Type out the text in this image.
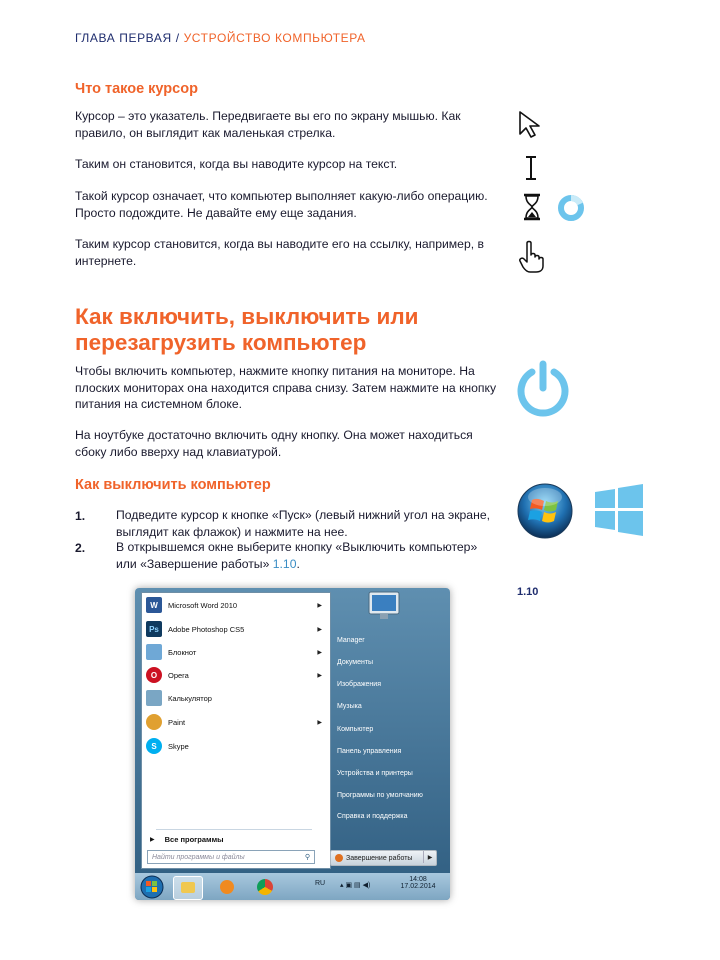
ГЛАВА ПЕРВАЯ / УСТРОЙСТВО КОМПЬЮТЕРА
Что такое курсор

Курсор – это указатель. Передвигаете вы его по экрану мышью. Как правило, он выглядит как маленькая стрелка.

Таким он становится, когда вы наводите курсор на текст.

Такой курсор означает, что компьютер выполняет какую-либо операцию. Просто подождите. Не давайте ему еще задания.

Таким курсор становится, когда вы наводите его на ссылку, например, в интернете.

Как включить, выключить или
перезагрузить компьютер

Чтобы включить компьютер, нажмите кнопку питания на мониторе. На плоских мониторах она находится справа снизу. Затем нажмите на кнопку питания на системном блоке.

На ноутбуке достаточно включить одну кнопку. Она может находиться сбоку либо вверху над клавиатурой.

Как выключить компьютер
1.	Подведите курсор к кнопке «Пуск» (левый нижний угол на экране, выглядит как флажок) и нажмите на нее.
2.	В открывшемся окне выберите кнопку «Выключить компьютер» или «Завершение работы» 1.10.
1.10
W	Microsoft Word 2010	▶
Ps	Adobe Photoshop CS5	▶
Блокнот	▶
O	Opera	▶
Калькулятор
Paint	▶
S	Skype
▶ Все программы
Найти программы и файлы	⚲
Manager
Документы
Изображения
Музыка
Компьютер
Панель управления
Устройства и принтеры
Программы по умолчанию
Справка и поддержка
Завершение работы	▶
RU ▴ ▣ ▤ ◀)
14:08
17.02.2014
